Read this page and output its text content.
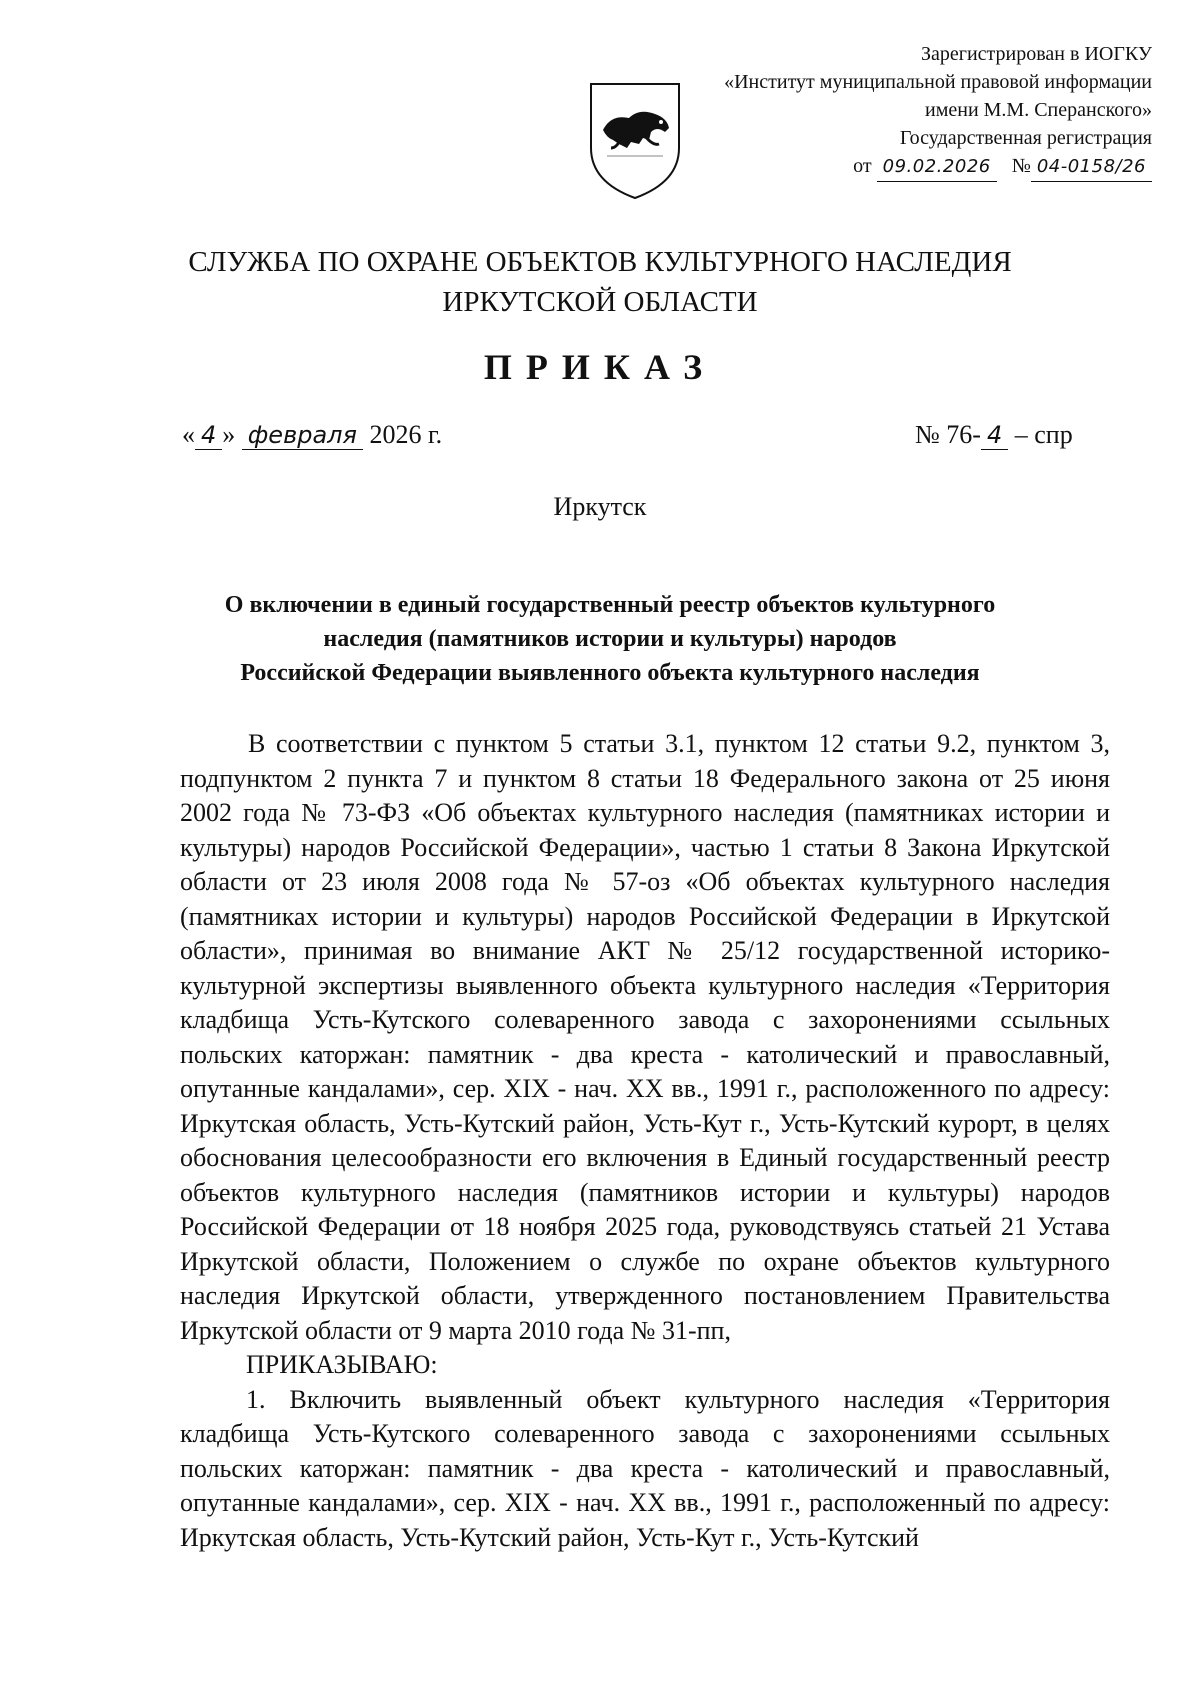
Зарегистрирован в ИОГКУ
«Институт муниципальной правовой информации
имени М.М. Сперанского»
Государственная регистрация
от 09.02.2026 № 04-0158/26
СЛУЖБА ПО ОХРАНЕ ОБЪЕКТОВ КУЛЬТУРНОГО НАСЛЕДИЯ
ИРКУТСКОЙ ОБЛАСТИ
ПРИКАЗ
« 4 » февраля 2026 г.	№ 76- 4 – спр
Иркутск
О включении в единый государственный реестр объектов культурного
наследия (памятников истории и культуры) народов
Российской Федерации выявленного объекта культурного наследия

В соответствии с пунктом 5 статьи 3.1, пунктом 12 статьи 9.2, пунктом 3, подпунктом 2 пункта 7 и пунктом 8 статьи 18 Федерального закона от 25 июня 2002 года № 73-ФЗ «Об объектах культурного наследия (памятниках истории и культуры) народов Российской Федерации», частью 1 статьи 8 Закона Иркутской области от 23 июля 2008 года № 57-оз «Об объектах культурного наследия (памятниках истории и культуры) народов Российской Федерации в Иркутской области», принимая во внимание АКТ № 25/12 государственной историко-культурной экспертизы выявленного объекта культурного наследия «Территория кладбища Усть-Кутского солеваренного завода с захоронениями ссыльных польских каторжан: памятник - два креста - католический и православный, опутанные кандалами», сер. XIX - нач. XX вв., 1991 г., расположенного по адресу: Иркутская область, Усть-Кутский район, Усть-Кут г., Усть-Кутский курорт, в целях обоснования целесообразности его включения в Единый государственный реестр объектов культурного наследия (памятников истории и культуры) народов Российской Федерации от 18 ноября 2025 года, руководствуясь статьей 21 Устава Иркутской области, Положением о службе по охране объектов культурного наследия Иркутской области, утвержденного постановлением Правительства Иркутской области от 9 марта 2010 года № 31-пп,

ПРИКАЗЫВАЮ:

1. Включить выявленный объект культурного наследия «Территория кладбища Усть-Кутского солеваренного завода с захоронениями ссыльных польских каторжан: памятник - два креста - католический и православный, опутанные кандалами», сер. XIX - нач. XX вв., 1991 г., расположенный по адресу: Иркутская область, Усть-Кутский район, Усть-Кут г., Усть-Кутский
